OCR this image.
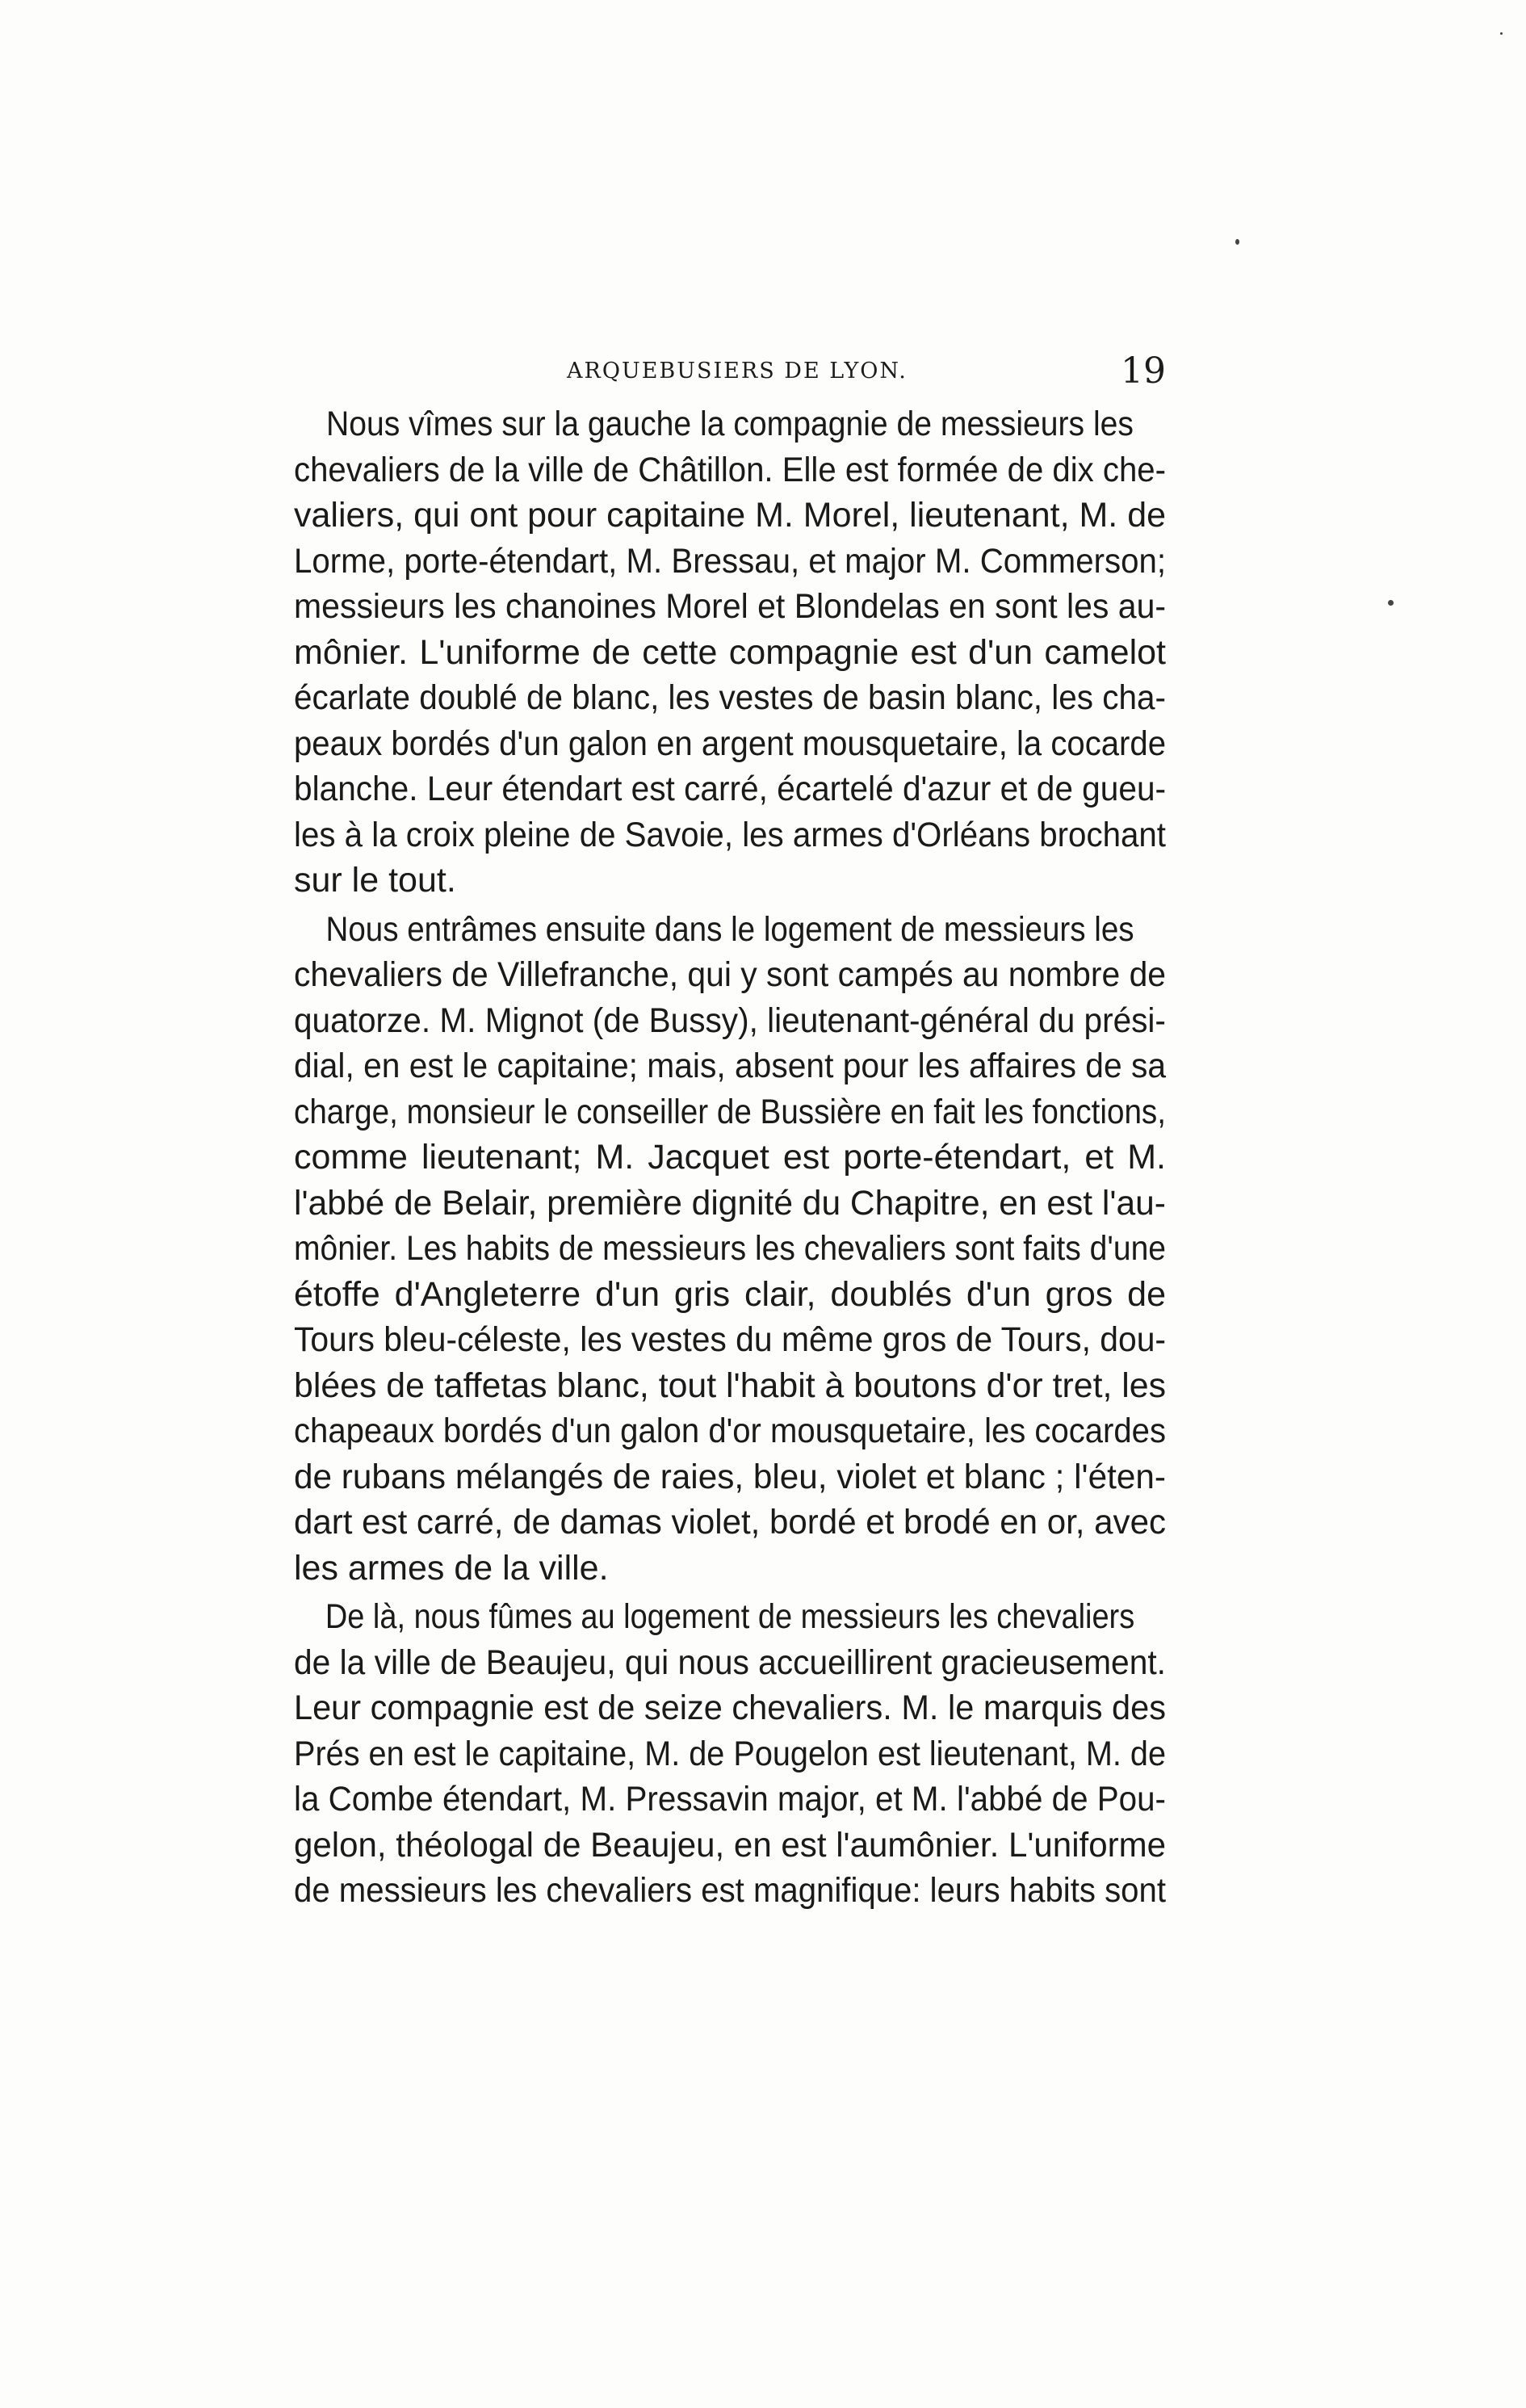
ARQUEBUSIERS DE LYON.	19

Nous vîmes sur la gauche la compagnie de messieurs les
chevaliers de la ville de Châtillon. Elle est formée de dix che-
valiers, qui ont pour capitaine M. Morel, lieutenant, M. de
Lorme, porte-étendart, M. Bressau, et major M. Commerson;
messieurs les chanoines Morel et Blondelas en sont les au-
mônier. L'uniforme de cette compagnie est d'un camelot
écarlate doublé de blanc, les vestes de basin blanc, les cha-
peaux bordés d'un galon en argent mousquetaire, la cocarde
blanche. Leur étendart est carré, écartelé d'azur et de gueu-
les à la croix pleine de Savoie, les armes d'Orléans brochant
sur le tout.

Nous entrâmes ensuite dans le logement de messieurs les
chevaliers de Villefranche, qui y sont campés au nombre de
quatorze. M. Mignot (de Bussy), lieutenant-général du prési-
dial, en est le capitaine; mais, absent pour les affaires de sa
charge, monsieur le conseiller de Bussière en fait les fonctions,
comme lieutenant; M. Jacquet est porte-étendart, et M.
l'abbé de Belair, première dignité du Chapitre, en est l'au-
mônier. Les habits de messieurs les chevaliers sont faits d'une
étoffe d'Angleterre d'un gris clair, doublés d'un gros de
Tours bleu-céleste, les vestes du même gros de Tours, dou-
blées de taffetas blanc, tout l'habit à boutons d'or tret, les
chapeaux bordés d'un galon d'or mousquetaire, les cocardes
de rubans mélangés de raies, bleu, violet et blanc ; l'éten-
dart est carré, de damas violet, bordé et brodé en or, avec
les armes de la ville.

De là, nous fûmes au logement de messieurs les chevaliers
de la ville de Beaujeu, qui nous accueillirent gracieusement.
Leur compagnie est de seize chevaliers. M. le marquis des
Prés en est le capitaine, M. de Pougelon est lieutenant, M. de
la Combe étendart, M. Pressavin major, et M. l'abbé de Pou-
gelon, théologal de Beaujeu, en est l'aumônier. L'uniforme
de messieurs les chevaliers est magnifique: leurs habits sont
